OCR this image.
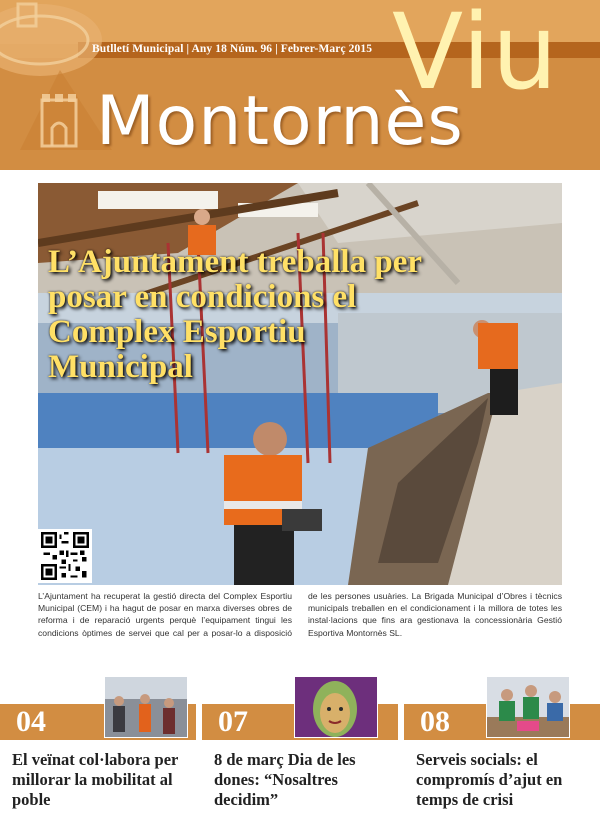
Butlletí Municipal | Any 18 Núm. 96 | Febrer-Març 2015 Viu
Montornès
L’Ajuntament treballa per posar en condicions el Complex Esportiu Municipal
L’Ajuntament ha recuperat la gestió directa del Complex Esportiu Municipal (CEM) i ha hagut de posar en marxa diverses obres de reforma i de reparació urgents perquè l’equipament tingui les condicions òptimes de servei que cal per a posar-lo a disposició de les persones usuàries. La Brigada Municipal d’Obres i tècnics municipals treballen en el condicionament i la millora de totes les instal·lacions que fins ara gestionava la concessionària Gestió Esportiva Montornès SL.
04
El veïnat col·labora per millorar la mobilitat al poble
07
8 de març Dia de les dones: “Nosaltres decidim”
08
Serveis socials: el compromís d’ajut en temps de crisi
